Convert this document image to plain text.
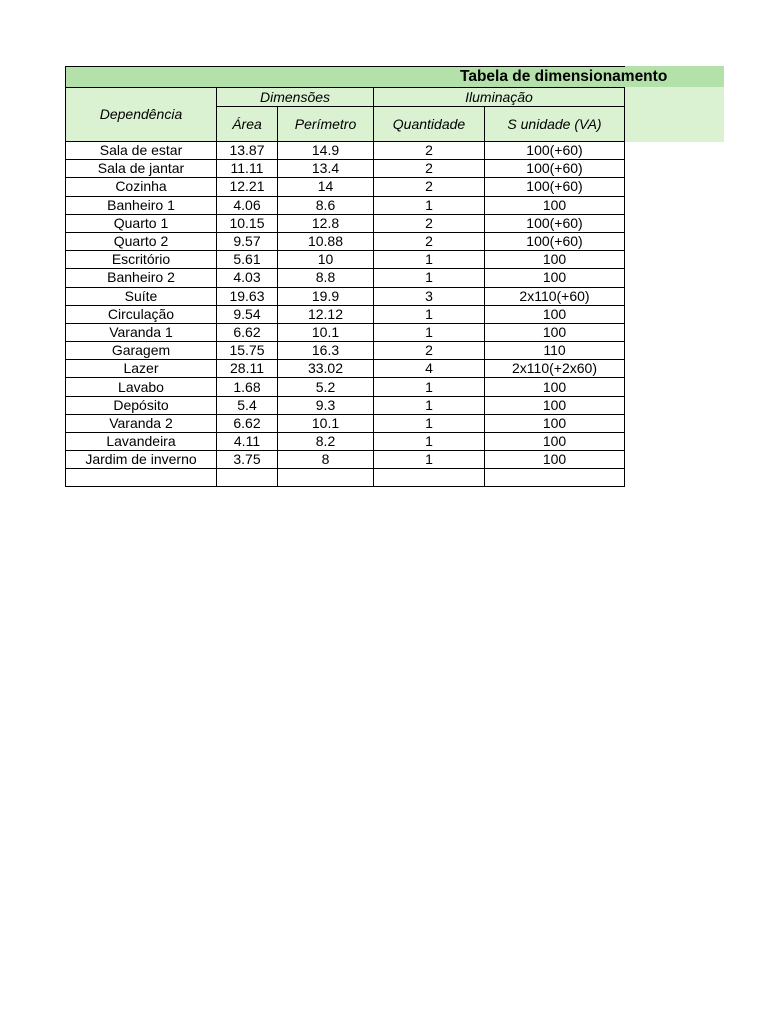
Dependência	Dimensões		Iluminação	
	Área	Perímetro	Quantidade	S unidade (VA)
Sala de estar	13.87	14.9	2	100(+60)
Sala de jantar	11.11	13.4	2	100(+60)
Cozinha	12.21	14	2	100(+60)
Banheiro 1	4.06	8.6	1	100
Quarto 1	10.15	12.8	2	100(+60)
Quarto 2	9.57	10.88	2	100(+60)
Escritório	5.61	10	1	100
Banheiro 2	4.03	8.8	1	100
Suíte	19.63	19.9	3	2x110(+60)
Circulação	9.54	12.12	1	100
Varanda 1	6.62	10.1	1	100
Garagem	15.75	16.3	2	110
Lazer	28.11	33.02	4	2x110(+2x60)
Lavabo	1.68	5.2	1	100
Depósito	5.4	9.3	1	100
Varanda 2	6.62	10.1	1	100
Lavandeira	4.11	8.2	1	100
Jardim de inverno	3.75	8	1	100

Tabela de dimensionamento
